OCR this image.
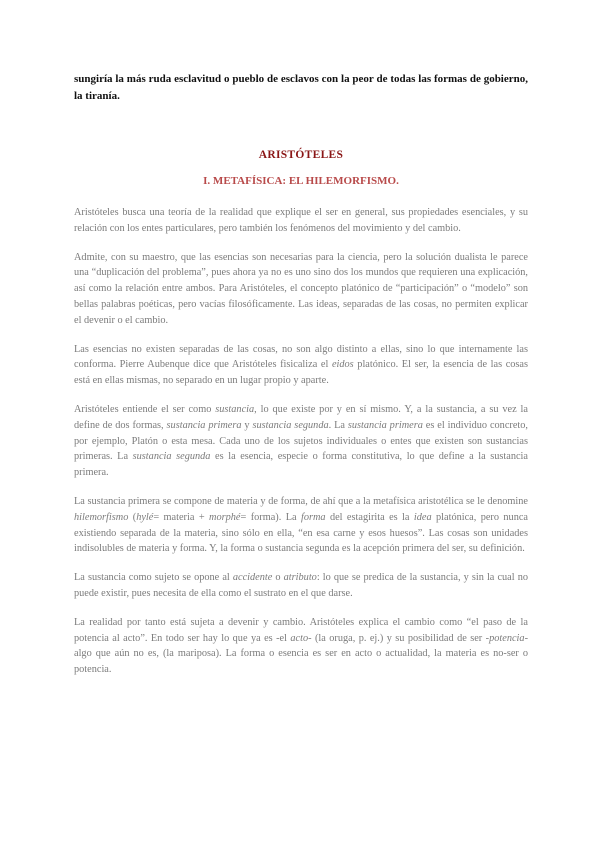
sungiría la más ruda esclavitud o pueblo de esclavos con la peor de todas las formas de gobierno, la tiranía.

ARISTÓTELES
I. METAFÍSICA: EL HILEMORFISMO.

Aristóteles busca una teoría de la realidad que explique el ser en general, sus propiedades esenciales, y su relación con los entes particulares, pero también los fenómenos del movimiento y del cambio.

Admite, con su maestro, que las esencias son necesarias para la ciencia, pero la solución dualista le parece una “duplicación del problema”, pues ahora ya no es uno sino dos los mundos que requieren una explicación, así como la relación entre ambos. Para Aristóteles, el concepto platónico de “participación” o “modelo” son bellas palabras poéticas, pero vacías filosóficamente. Las ideas, separadas de las cosas, no permiten explicar el devenir o el cambio.

Las esencias no existen separadas de las cosas, no son algo distinto a ellas, sino lo que internamente las conforma. Pierre Aubenque dice que Aristóteles fisicaliza el eidos platónico. El ser, la esencia de las cosas está en ellas mismas, no separado en un lugar propio y aparte.

Aristóteles entiende el ser como sustancia, lo que existe por y en sí mismo. Y, a la sustancia, a su vez la define de dos formas, sustancia primera y sustancia segunda. La sustancia primera es el individuo concreto, por ejemplo, Platón o esta mesa. Cada uno de los sujetos individuales o entes que existen son sustancias primeras. La sustancia segunda es la esencia, especie o forma constitutiva, lo que define a la sustancia primera.

La sustancia primera se compone de materia y de forma, de ahí que a la metafísica aristotélica se le denomine hilemorfismo (hylé= materia + morphé= forma). La forma del estagirita es la idea platónica, pero nunca existiendo separada de la materia, sino sólo en ella, “en esa carne y esos huesos”. Las cosas son unidades indisolubles de materia y forma. Y, la forma o sustancia segunda es la acepción primera del ser, su definición.

La sustancia como sujeto se opone al accidente o atributo: lo que se predica de la sustancia, y sin la cual no puede existir, pues necesita de ella como el sustrato en el que darse.

La realidad por tanto está sujeta a devenir y cambio. Aristóteles explica el cambio como “el paso de la potencia al acto”. En todo ser hay lo que ya es -el acto- (la oruga, p. ej.) y su posibilidad de ser -potencia- algo que aún no es, (la mariposa). La forma o esencia es ser en acto o actualidad, la materia es no-ser o potencia.
